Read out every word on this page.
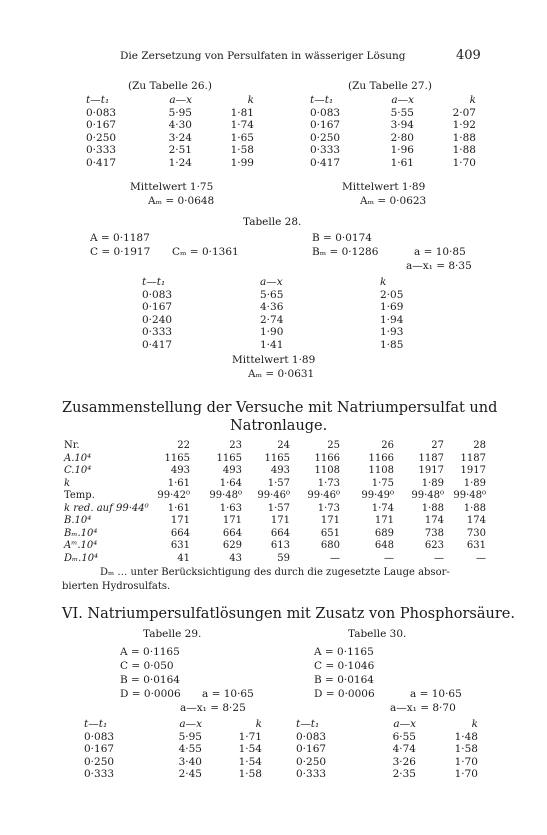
Die Zersetzung von Persulfaten in wässeriger Lösung	409
(Zu Tabelle 26.)
t—t₁	a—x	k
0·083	5·95	1·81
0·167	4·30	1·74
0·250	3·24	1·65
0·333	2·51	1·58
0·417	1·24	1·99
Mittelwert 1·75
Aₘ = 0·0648
(Zu Tabelle 27.)
t—t₁	a—x	k
0·083	5·55	2·07
0·167	3·94	1·92
0·250	2·80	1·88
0·333	1·96	1·88
0·417	1·61	1·70
Mittelwert 1·89
Aₘ = 0·0623
Tabelle 28.
A = 0·1187
C = 0·1917 Cₘ = 0·1361
B = 0·0174
Bₘ = 0·1286	a = 10·85
a—x₁ = 8·35
t—t₁	a—x	k
0·083	5·65	2·05
0·167	4·36	1·69
0·240	2·74	1·94
0·333	1·90	1·93
0·417	1·41	1·85
Mittelwert 1·89
Aₘ = 0·0631
Zusammenstellung der Versuche mit Natriumpersulfat und
Natronlauge.
Nr.	22	23	24	25	26	27	28
A.10⁴	1165	1165	1165	1166	1166	1187	1187
C.10⁴	493	493	493	1108	1108	1917	1917
k	1·61	1·64	1·57	1·73	1·75	1·89	1·89
Temp.	99·42⁰	99·48⁰	99·46⁰	99·46⁰	99·49⁰	99·48⁰	99·48⁰
k red. auf 99·44⁰	1·61	1·63	1·57	1·73	1·74	1·88	1·88
B.10⁴	171	171	171	171	171	174	174
Bₘ.10⁴	664	664	664	651	689	738	730
Aᵐ.10⁴	631	629	613	680	648	623	631
Dₘ.10⁴	41	43	59	—	—	—	—
Dₘ … unter Berücksichtigung des durch die zugesetzte Lauge absor-
bierten Hydrosulfats.
VI. Natriumpersulfatlösungen mit Zusatz von Phosphorsäure.
Tabelle 29.
A = 0·1165
C = 0·050
B = 0·0164
D = 0·0006 a = 10·65
a—x₁ = 8·25
t—t₁	a—x	k
0·083	5·95	1·71
0·167	4·55	1·54
0·250	3·40	1·54
0·333	2·45	1·58
Tabelle 30.
A = 0·1165
C = 0·1046
B = 0·0164
D = 0·0006	a = 10·65
a—x₁ = 8·70
t—t₁	a—x	k
0·083	6·55	1·48
0·167	4·74	1·58
0·250	3·26	1·70
0·333	2·35	1·70
